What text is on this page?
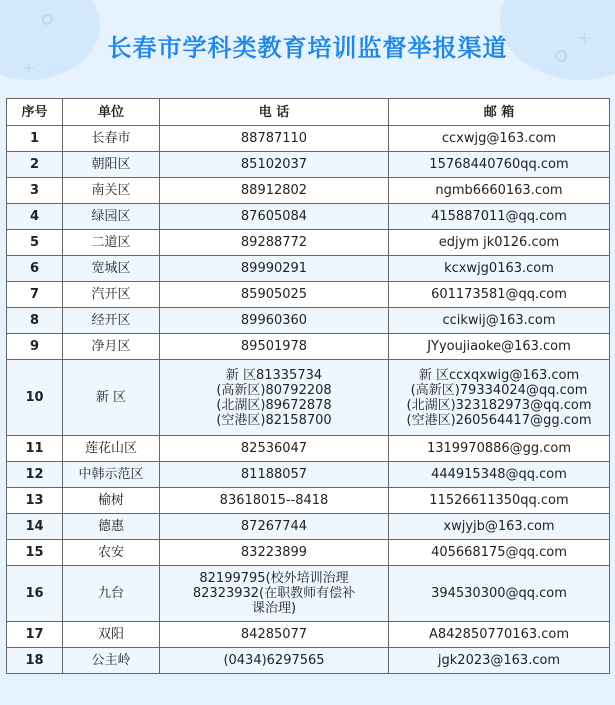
+
+
长春市学科类教育培训监督举报渠道
序号	单位	电 话	邮 箱
1	长春市	88787110	ccxwjg@163.com

2	朝阳区	85102037	15768440760qq.com

3	南关区	88912802	ngmb6660163.com

4	绿园区	87605084	415887011@qq.com

5	二道区	89288772	edjym jk0126.com

6	宽城区	89990291	kcxwjg0163.com

7	汽开区	85905025	601173581@qq.com

8	经开区	89960360	ccikwij@163.com

9	净月区	89501978	JYyoujiaoke@163.com

10	新 区	新 区81335734
(高新区)80792208
(北湖区)89672878
(空港区)82158700	新 区ccxqxwig@163.com
(高新区)79334024@qq.com
(北湖区)323182973@qq.com
(空港区)260564417@gg.com

11	莲花山区	82536047	1319970886@gg.com

12	中韩示范区	81188057	444915348@qq.com

13	榆树	83618015--8418	11526611350qq.com

14	德惠	87267744	xwjyjb@163.com

15	农安	83223899	405668175@qq.com

16	九台	82199795(校外培训治理
82323932(在职教师有偿补
课治理)	394530300@qq.com

17	双阳	84285077	A842850770163.com

18	公主岭	(0434)6297565	jgk2023@163.com
